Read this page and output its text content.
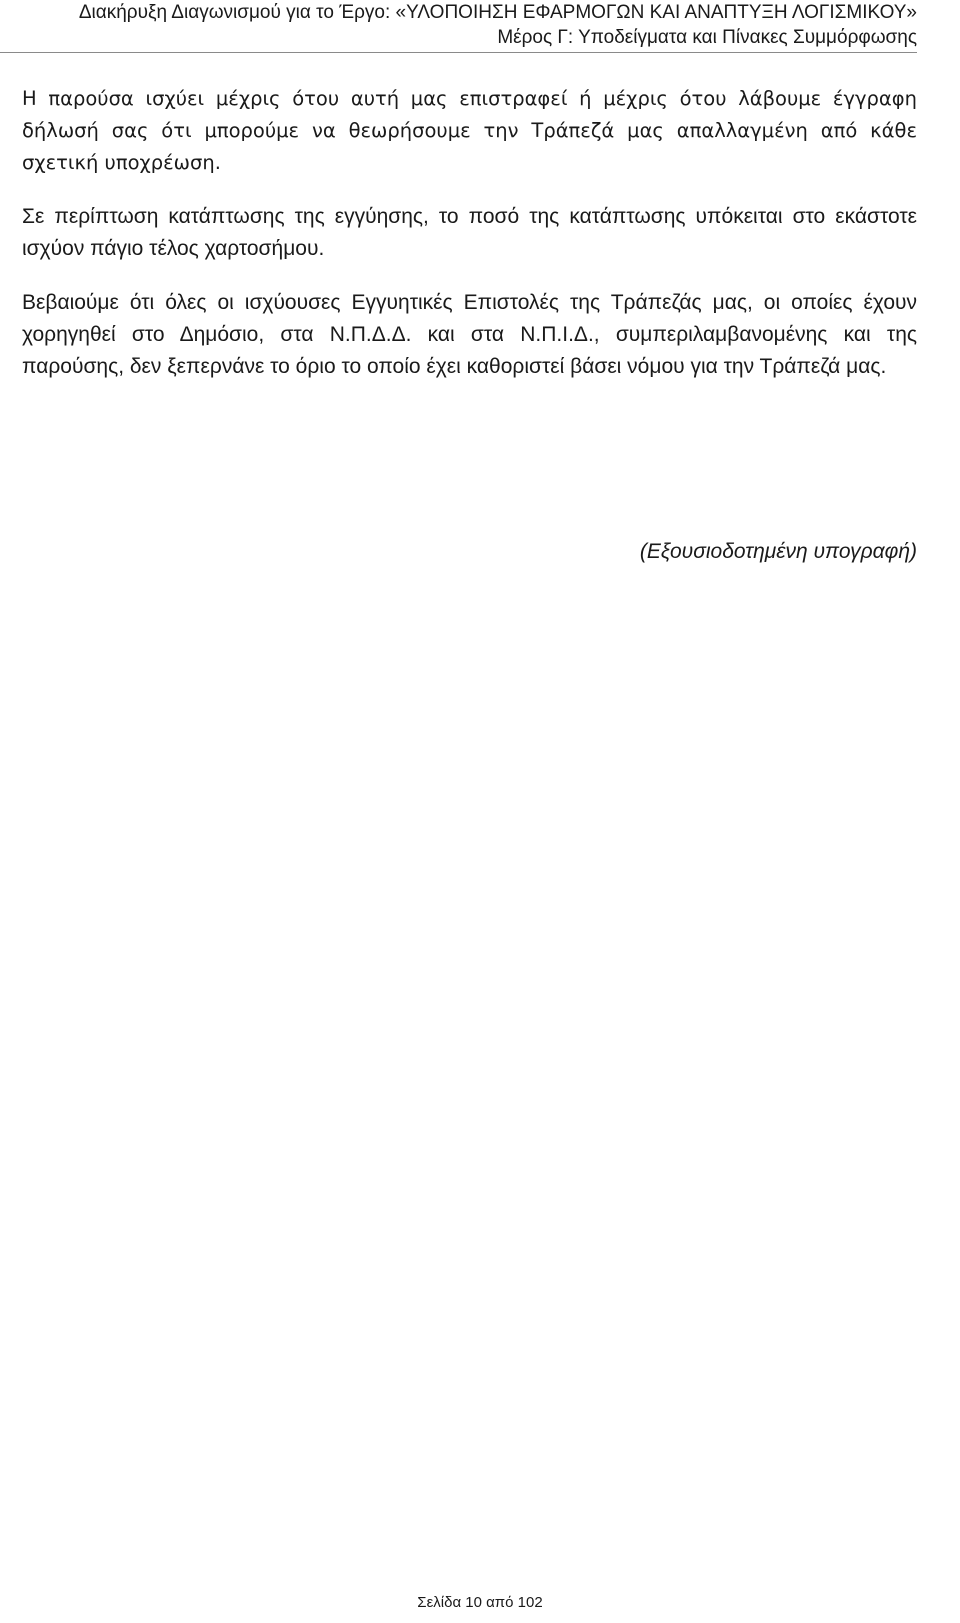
Διακήρυξη Διαγωνισμού για το Έργο: «ΥΛΟΠΟΙΗΣΗ ΕΦΑΡΜΟΓΩΝ ΚΑΙ ΑΝΑΠΤΥΞΗ ΛΟΓΙΣΜΙΚΟΥ»
Μέρος Γ: Υποδείγματα και Πίνακες Συμμόρφωσης

Η παρούσα ισχύει μέχρις ότου αυτή μας επιστραφεί ή μέχρις ότου λάβουμε έγγραφη δήλωσή σας ότι μπορούμε να θεωρήσουμε την Τράπεζά μας απαλλαγμένη από κάθε σχετική υποχρέωση.

Σε περίπτωση κατάπτωσης της εγγύησης, το ποσό της κατάπτωσης υπόκειται στο εκάστοτε ισχύον πάγιο τέλος χαρτοσήμου.

Βεβαιούμε ότι όλες οι ισχύουσες Εγγυητικές Επιστολές της Τράπεζάς μας, οι οποίες έχουν χορηγηθεί στο Δημόσιο, στα Ν.Π.Δ.Δ. και στα Ν.Π.Ι.Δ., συμπεριλαμβανομένης και της παρούσης, δεν ξεπερνάνε το όριο το οποίο έχει καθοριστεί βάσει νόμου για την Τράπεζά μας.

(Εξουσιοδοτημένη υπογραφή)
Σελίδα 10 από 102
